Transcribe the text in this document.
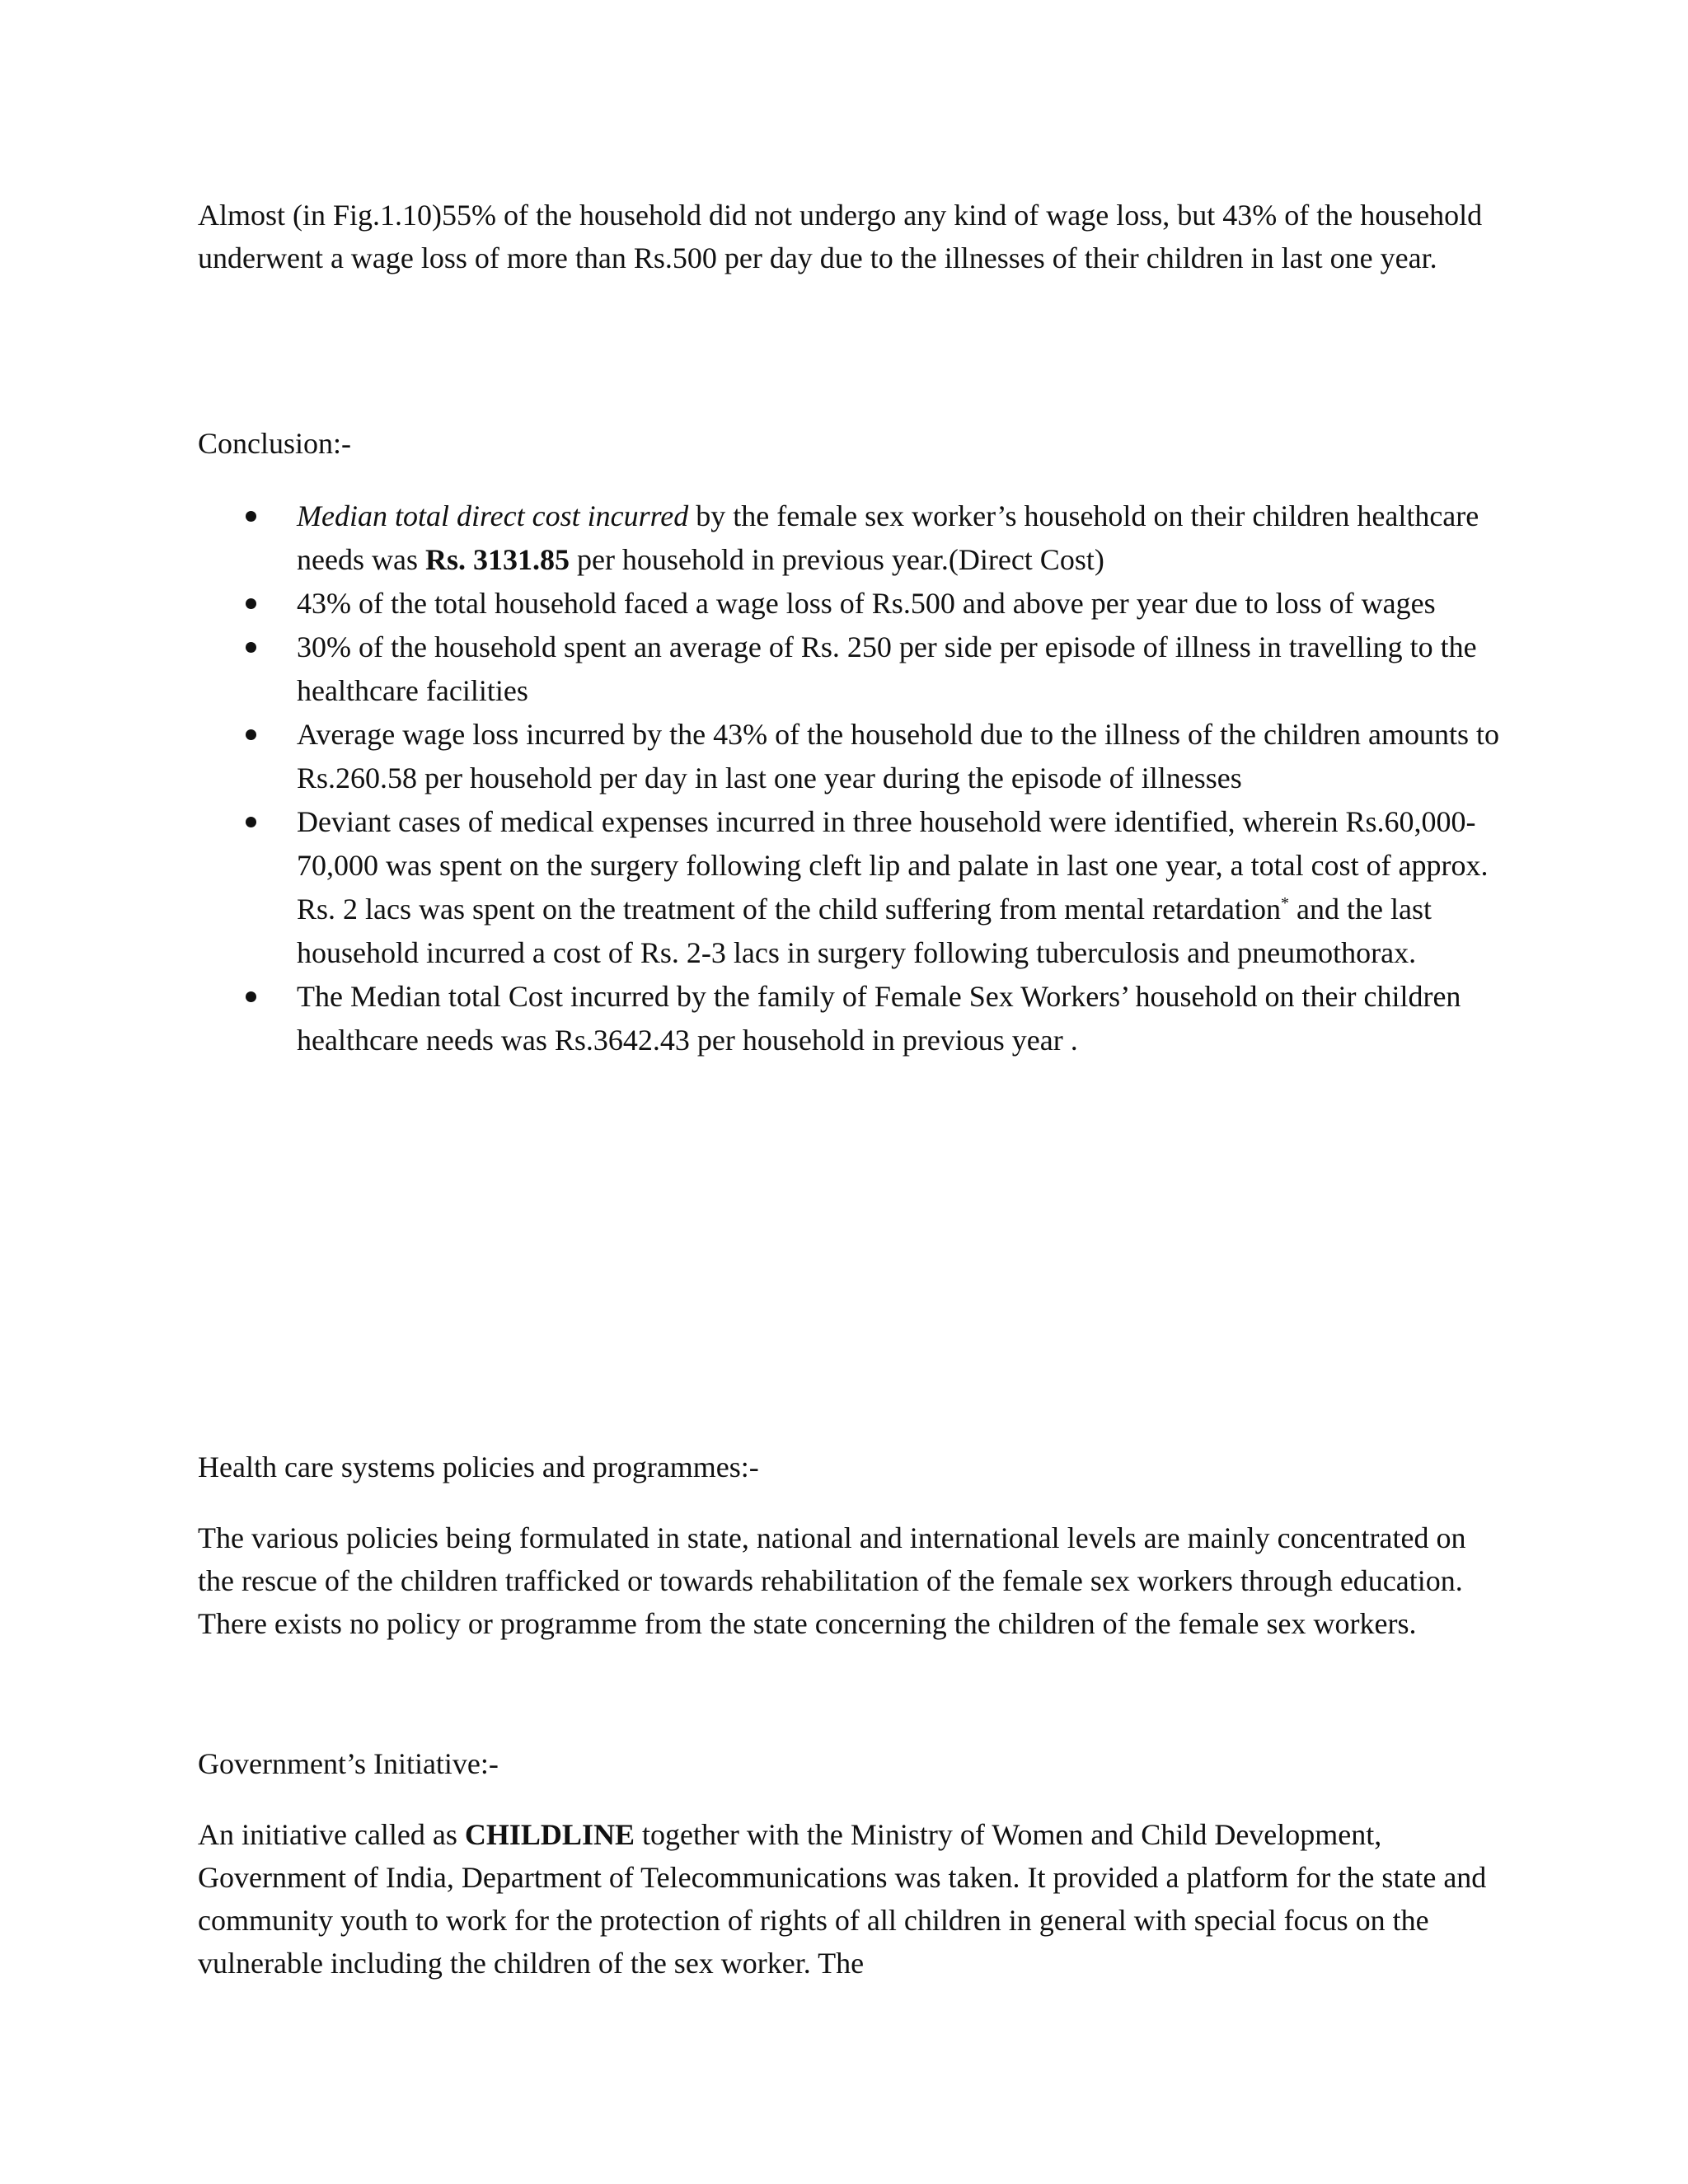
Almost (in Fig.1.10)55% of the household did not undergo any kind of wage loss, but 43% of the household underwent a wage loss of more than Rs.500 per day due to the illnesses of their children in last one year.

Conclusion:-

Median total direct cost incurred by the female sex worker’s household on their children healthcare needs was Rs. 3131.85 per household in previous year.(Direct Cost)
43% of the total household faced a wage loss of Rs.500 and above per year due to loss of wages
30% of the household spent an average of Rs. 250 per side per episode of illness in travelling to the healthcare facilities
Average wage loss incurred by the 43% of the household due to the illness of the children amounts to Rs.260.58 per household per day in last one year during the episode of illnesses
Deviant cases of medical expenses incurred in three household were identified, wherein Rs.60,000- 70,000 was spent on the surgery following cleft lip and palate in last one year, a total cost of approx. Rs. 2 lacs was spent on the treatment of the child suffering from mental retardation* and the last household incurred a cost of Rs. 2-3 lacs in surgery following tuberculosis and pneumothorax.
The Median total Cost incurred by the family of Female Sex Workers’ household on their children healthcare needs was Rs.3642.43 per household in previous year .

Health care systems policies and programmes:-

The various policies being formulated in state, national and international levels are mainly concentrated on the rescue of the children trafficked or towards rehabilitation of the female sex workers through education. There exists no policy or programme from the state concerning the children of the female sex workers.

Government’s Initiative:-

An initiative called as CHILDLINE together with the Ministry of Women and Child Development, Government of India, Department of Telecommunications was taken. It provided a platform for the state and community youth to work for the protection of rights of all children in general with special focus on the vulnerable including the children of the sex worker. The
